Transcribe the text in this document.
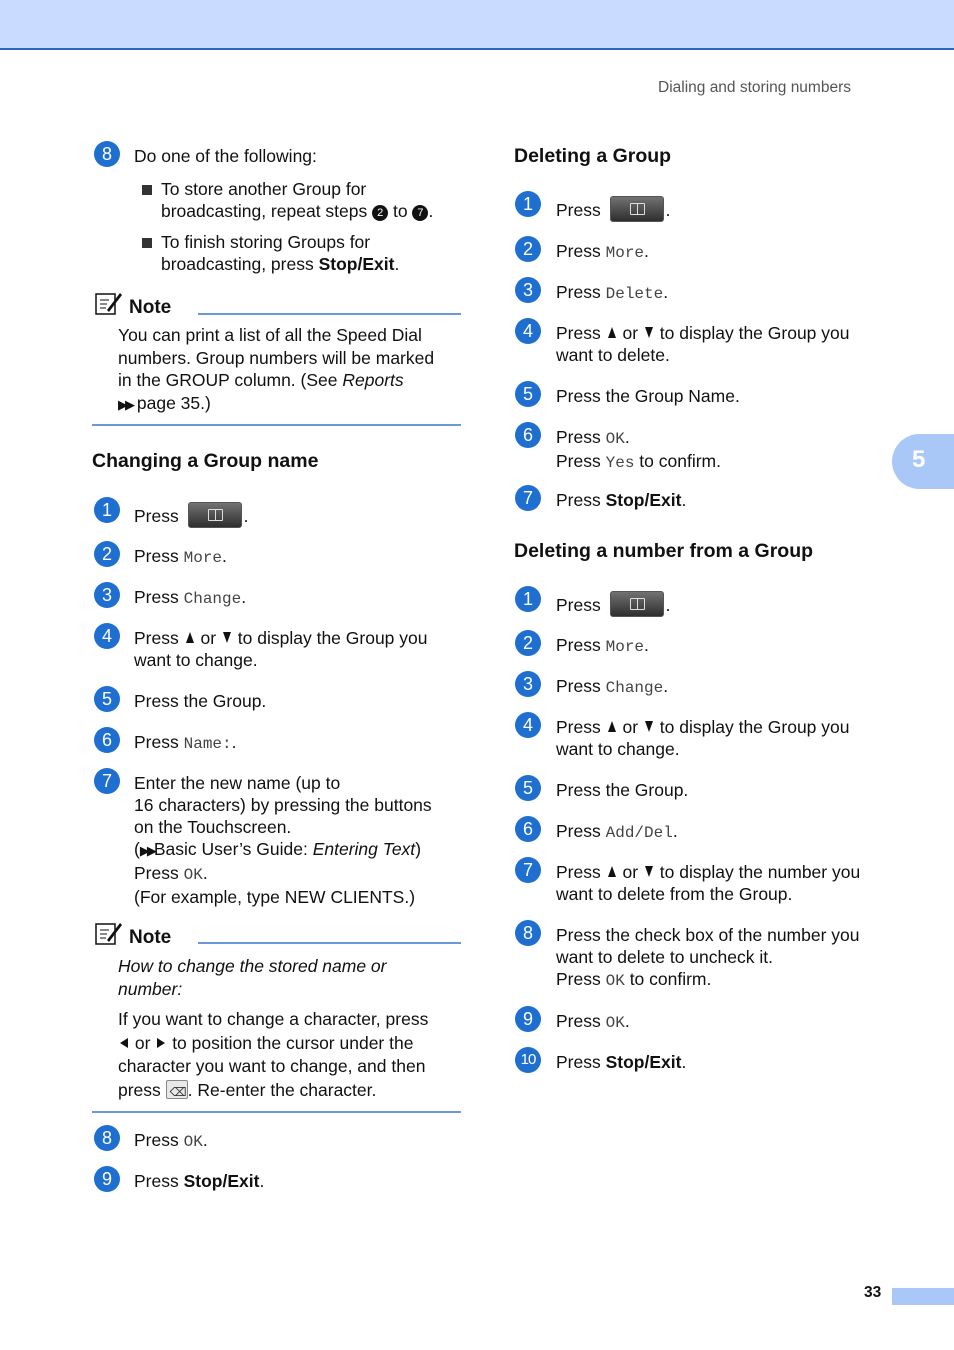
Dialing and storing numbers
5
33
8	Do one of the following:
To store another Group for
broadcasting, repeat steps 2 to 7 .
To finish storing Groups for
broadcasting, press Stop/Exit.
Note
You can print a list of all the Speed Dial
numbers. Group numbers will be marked
in the GROUP column. (See Reports
▶▶ page 35.)
Changing a Group name
1	Press	.
2	Press More.
3	Press Change.
4	Press or to display the Group you
want to change.
5	Press the Group.
6	Press Name:.
7	Enter the new name (up to
16 characters) by pressing the buttons
on the Touchscreen.
(▶▶Basic User’s Guide: Entering Text)
Press OK.
(For example, type NEW CLIENTS.)
Note
How to change the stored name or
number:
If you want to change a character, press
or to position the cursor under the
character you want to change, and then
press ⌫ . Re-enter the character.
8	Press OK.
9	Press Stop/Exit.
Deleting a Group
1	Press	.
2	Press More.
3	Press Delete.
4	Press or to display the Group you
want to delete.
5	Press the Group Name.
6	Press OK.
Press Yes to confirm.
7	Press Stop/Exit.
Deleting a number from a Group
1	Press	.
2	Press More.
3	Press Change.
4	Press or to display the Group you
want to change.
5	Press the Group.
6	Press Add/Del.
7	Press or to display the number you
want to delete from the Group.
8	Press the check box of the number you
want to delete to uncheck it.
Press OK to confirm.
9	Press OK.
10	Press Stop/Exit.
